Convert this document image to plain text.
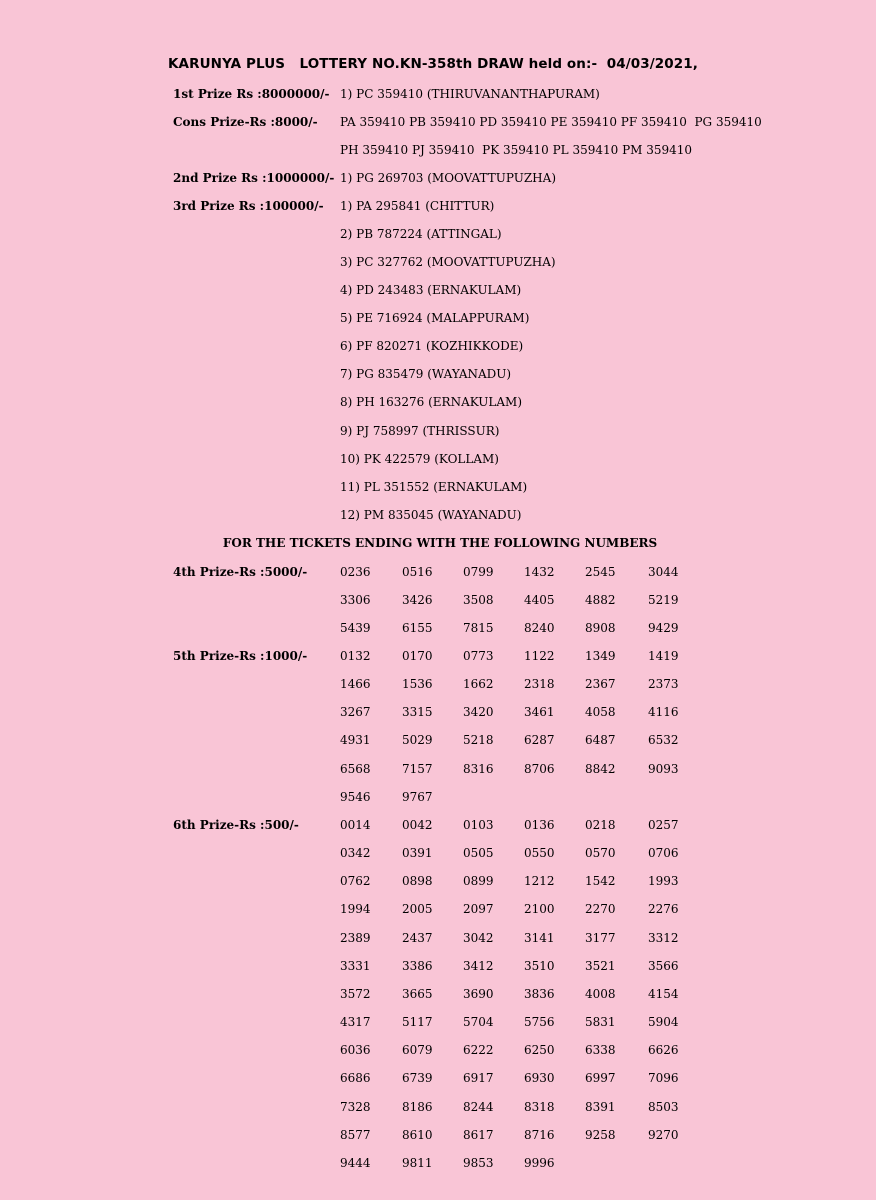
KARUNYA PLUS   LOTTERY NO.KN-358th DRAW held on:-  04/03/2021,
1st Prize Rs :8000000/- 1) PC 359410 (THIRUVANANTHAPURAM)
Cons Prize-Rs :8000/- PA 359410 PB 359410 PD 359410 PE 359410 PF 359410  PG 359410
PH 359410 PJ 359410  PK 359410 PL 359410 PM 359410
2nd Prize Rs :1000000/- 1) PG 269703 (MOOVATTUPUZHA)
3rd Prize Rs :100000/- 1) PA 295841 (CHITTUR)
2) PB 787224 (ATTINGAL)
3) PC 327762 (MOOVATTUPUZHA)
4) PD 243483 (ERNAKULAM)
5) PE 716924 (MALAPPURAM)
6) PF 820271 (KOZHIKKODE)
7) PG 835479 (WAYANADU)
8) PH 163276 (ERNAKULAM)
9) PJ 758997 (THRISSUR)
10) PK 422579 (KOLLAM)
11) PL 351552 (ERNAKULAM)
12) PM 835045 (WAYANADU)
FOR THE TICKETS ENDING WITH THE FOLLOWING NUMBERS
4th Prize-Rs :5000/-	0236	0516	0799	1432	2545	3044
3306	3426	3508	4405	4882	5219
5439	6155	7815	8240	8908	9429
5th Prize-Rs :1000/-	0132	0170	0773	1122	1349	1419
1466	1536	1662	2318	2367	2373
3267	3315	3420	3461	4058	4116
4931	5029	5218	6287	6487	6532
6568	7157	8316	8706	8842	9093
9546	9767
6th Prize-Rs :500/-	0014	0042	0103	0136	0218	0257
0342	0391	0505	0550	0570	0706
0762	0898	0899	1212	1542	1993
1994	2005	2097	2100	2270	2276
2389	2437	3042	3141	3177	3312
3331	3386	3412	3510	3521	3566
3572	3665	3690	3836	4008	4154
4317	5117	5704	5756	5831	5904
6036	6079	6222	6250	6338	6626
6686	6739	6917	6930	6997	7096
7328	8186	8244	8318	8391	8503
8577	8610	8617	8716	9258	9270
9444	9811	9853	9996
